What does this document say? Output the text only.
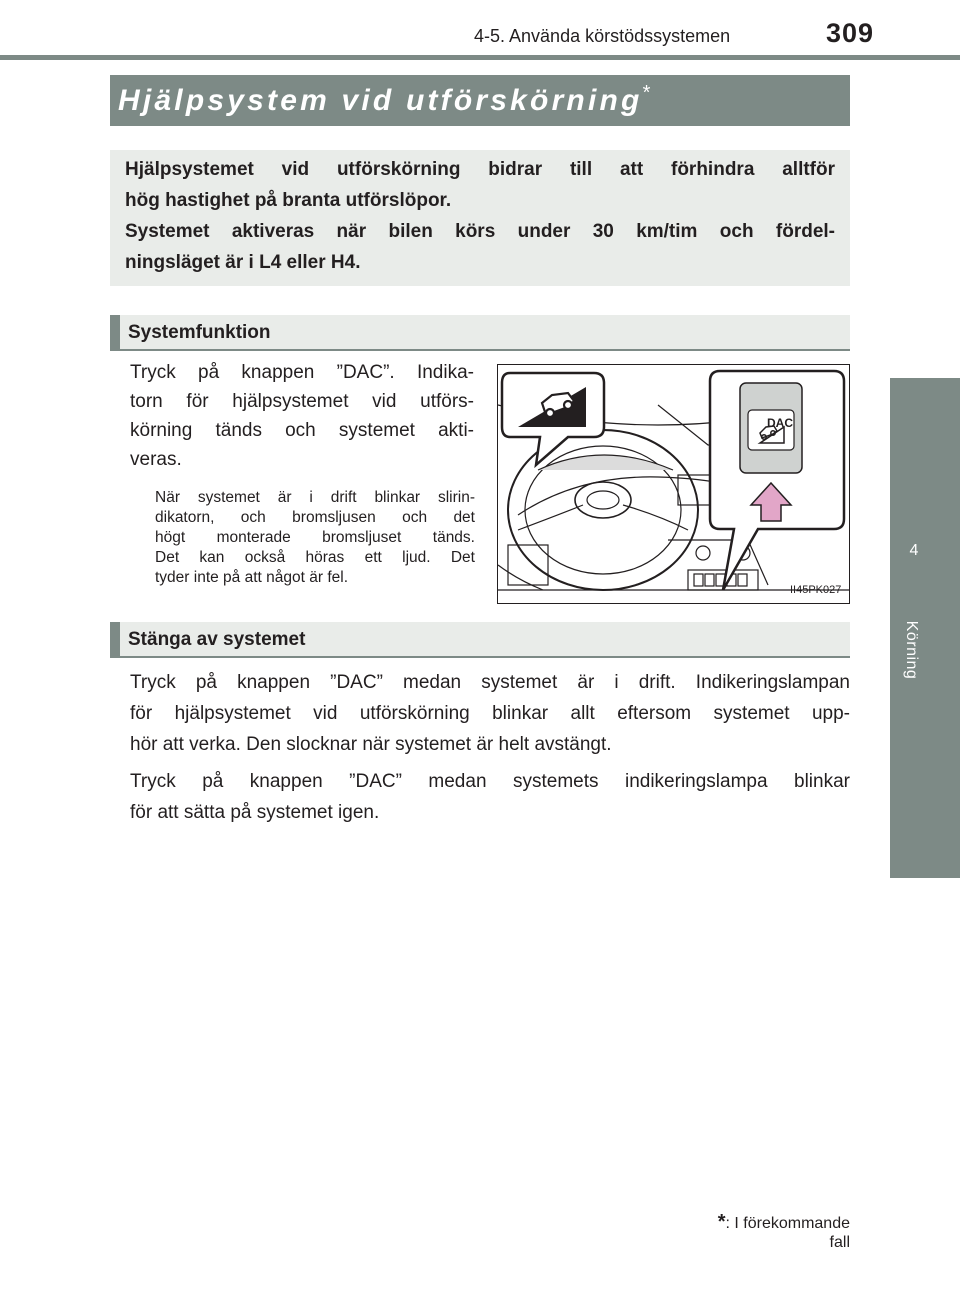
4-5. Använda körstödssystemen	309
4
Körning
Hjälpsystem vid utförskörning*
Hjälpsystemet vid utförskörning bidrar till att förhindra alltför
hög hastighet på branta utförslöpor.
Systemet aktiveras när bilen körs under 30 km/tim och fördel-
ningsläget är i L4 eller H4.
Systemfunktion
Tryck på knappen ”DAC”. Indika-
torn för hjälpsystemet vid utförs-
körning tänds och systemet akti-
veras.
När systemet är i drift blinkar slirin-
dikatorn, och bromsljusen och det
högt monterade bromsljuset tänds.
Det kan också höras ett ljud. Det
tyder inte på att något är fel.
DAC
II45PK027
Stänga av systemet
Tryck på knappen ”DAC” medan systemet är i drift. Indikeringslampan
för hjälpsystemet vid utförskörning blinkar allt eftersom systemet upp-
hör att verka. Den slocknar när systemet är helt avstängt.
Tryck på knappen ”DAC” medan systemets indikeringslampa blinkar
för att sätta på systemet igen.
*: I förekommande fall
